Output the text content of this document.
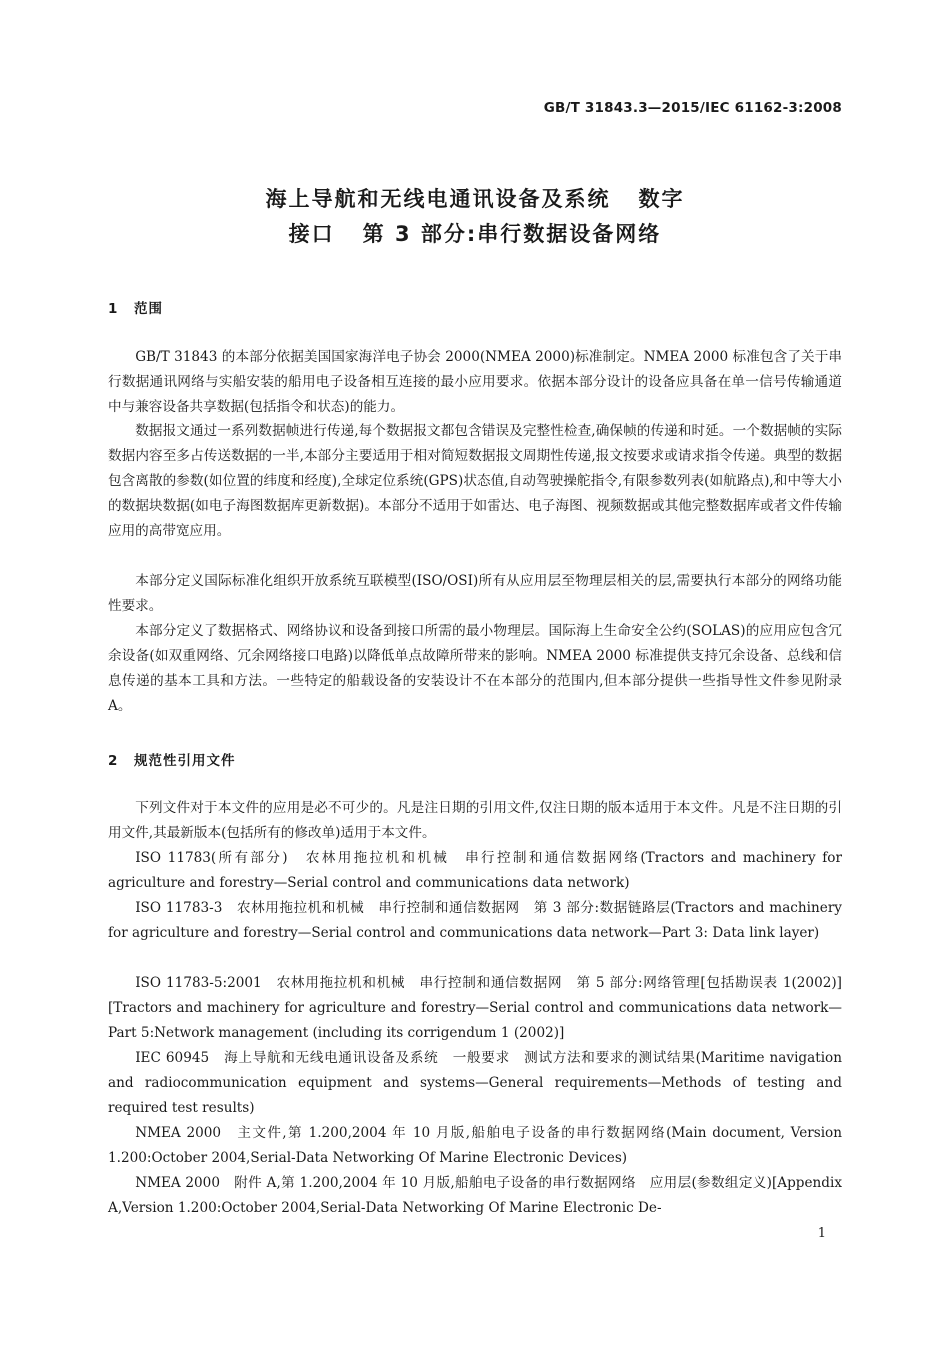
GB/T 31843.3—2015/IEC 61162-3:2008
海上导航和无线电通讯设备及系统 数字
接口 第 3 部分:串行数据设备网络
1 范围

GB/T 31843 的本部分依据美国国家海洋电子协会 2000(NMEA 2000)标准制定。NMEA 2000 标准包含了关于串行数据通讯网络与实船安装的船用电子设备相互连接的最小应用要求。依据本部分设计的设备应具备在单一信号传输通道中与兼容设备共享数据(包括指令和状态)的能力。

数据报文通过一系列数据帧进行传递,每个数据报文都包含错误及完整性检查,确保帧的传递和时延。一个数据帧的实际数据内容至多占传送数据的一半,本部分主要适用于相对简短数据报文周期性传递,报文按要求或请求指令传递。典型的数据包含离散的参数(如位置的纬度和经度),全球定位系统(GPS)状态值,自动驾驶操舵指令,有限参数列表(如航路点),和中等大小的数据块数据(如电子海图数据库更新数据)。本部分不适用于如雷达、电子海图、视频数据或其他完整数据库或者文件传输应用的高带宽应用。

本部分定义国际标准化组织开放系统互联模型(ISO/OSI)所有从应用层至物理层相关的层,需要执行本部分的网络功能性要求。

本部分定义了数据格式、网络协议和设备到接口所需的最小物理层。国际海上生命安全公约(SOLAS)的应用应包含冗余设备(如双重网络、冗余网络接口电路)以降低单点故障所带来的影响。NMEA 2000 标准提供支持冗余设备、总线和信息传递的基本工具和方法。一些特定的船载设备的安装设计不在本部分的范围内,但本部分提供一些指导性文件参见附录 A。

2 规范性引用文件

下列文件对于本文件的应用是必不可少的。凡是注日期的引用文件,仅注日期的版本适用于本文件。凡是不注日期的引用文件,其最新版本(包括所有的修改单)适用于本文件。

ISO 11783(所有部分)　农林用拖拉机和机械　串行控制和通信数据网络(Tractors and machinery for agriculture and forestry—Serial control and communications data network)

ISO 11783-3　农林用拖拉机和机械　串行控制和通信数据网　第 3 部分:数据链路层(Tractors and machinery for agriculture and forestry—Serial control and communications data network—Part 3: Data link layer)

ISO 11783-5:2001　农林用拖拉机和机械　串行控制和通信数据网　第 5 部分:网络管理[包括勘误表 1(2002)][Tractors and machinery for agriculture and forestry—Serial control and communications data network—Part 5:Network management (including its corrigendum 1 (2002)]

IEC 60945　海上导航和无线电通讯设备及系统　一般要求　测试方法和要求的测试结果(Maritime navigation and radiocommunication equipment and systems—General requirements—Methods of testing and required test results)

NMEA 2000　主文件,第 1.200,2004 年 10 月版,船舶电子设备的串行数据网络(Main document, Version 1.200:October 2004,Serial-Data Networking Of Marine Electronic Devices)

NMEA 2000　附件 A,第 1.200,2004 年 10 月版,船舶电子设备的串行数据网络　应用层(参数组定义)[Appendix A,Version 1.200:October 2004,Serial-Data Networking Of Marine Electronic De-

1
